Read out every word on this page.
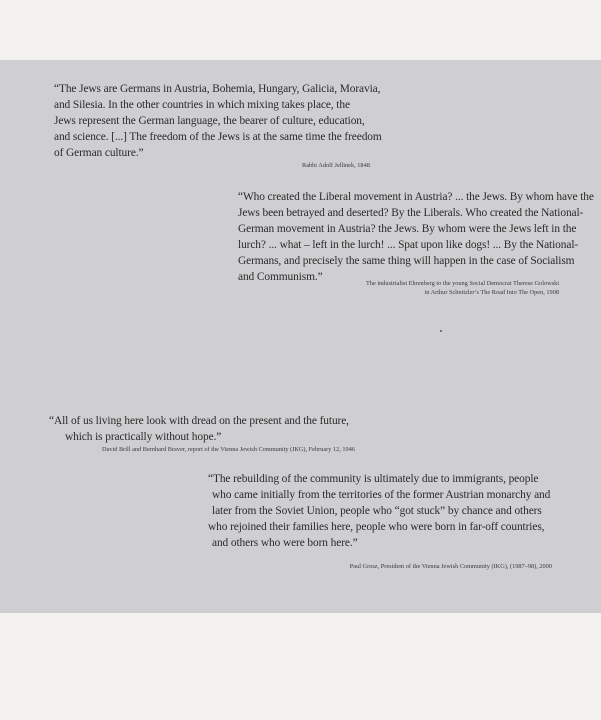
“The Jews are Germans in Austria, Bohemia, Hungary, Galicia, Moravia,

and Silesia. In the other countries in which mixing takes place, the

Jews represent the German language, the bearer of culture, education,

and science. [...] The freedom of the Jews is at the same time the freedom

of German culture.”

Rabbi Adolf Jellinek, 1848

“Who created the Liberal movement in Austria? ... the Jews. By whom have the

Jews been betrayed and deserted? By the Liberals. Who created the National-

German movement in Austria? the Jews. By whom were the Jews left in the

lurch? ... what – left in the lurch! ... Spat upon like dogs! ... By the National-

Germans, and precisely the same thing will happen in the case of Socialism

and Communism.”

The industrialist Ehrenberg to the young Social Democrat Therese Golowski
in Arthur Schnitzler’s The Road Into The Open, 1908

“All of us living here look with dread on the present and the future,

which is practically without hope.”

David Brill and Bernhard Braver, report of the Vienna Jewish Community (IKG), February 12, 1946

“The rebuilding of the community is ultimately due to immigrants, people

who came initially from the territories of the former Austrian monarchy and

later from the Soviet Union, people who “got stuck” by chance and others

who rejoined their families here, people who were born in far-off countries,

and others who were born here.”

Paul Grosz, President of the Vienna Jewish Community (IKG), (1987–98), 2000
